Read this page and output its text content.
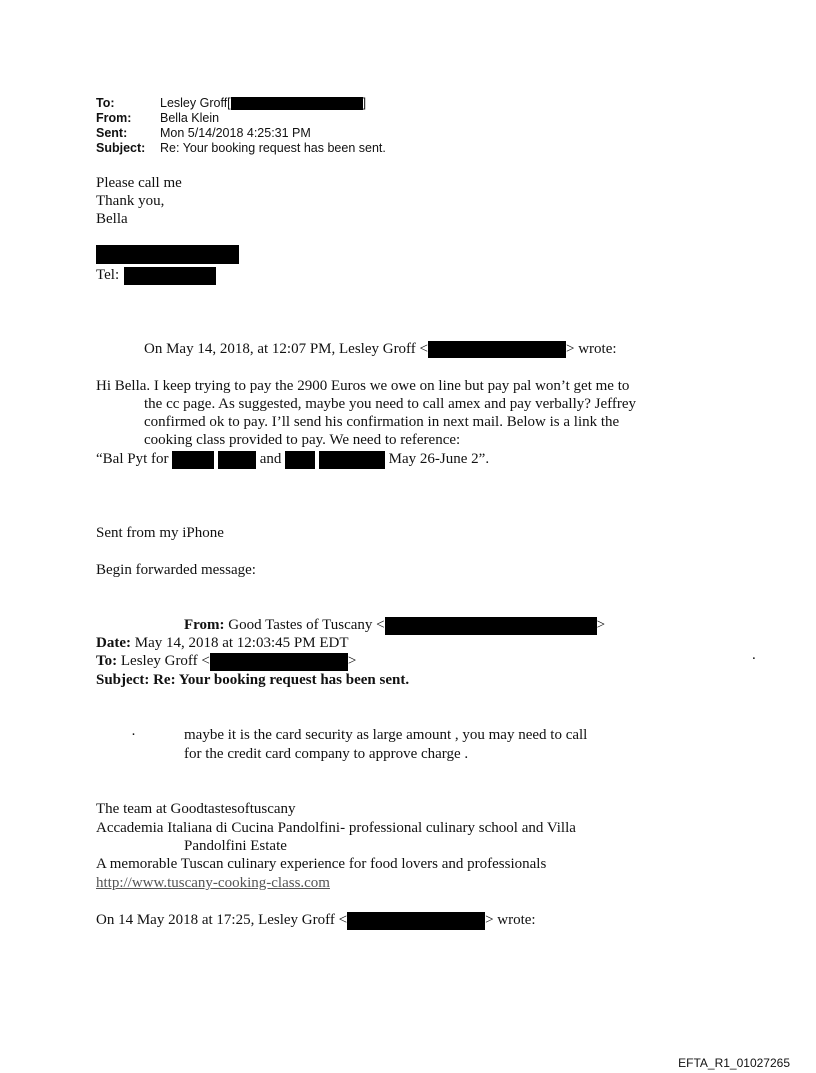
To:	Lesley Groff[	]
From: Bella Klein
Sent:	Mon 5/14/2018 4:25:31 PM
Subject: Re: Your booking request has been sent.
Please call me
Thank you,
Bella
Tel:
On May 14, 2018, at 12:07 PM, Lesley Groff <	> wrote:
Hi Bella. I keep trying to pay the 2900 Euros we owe on line but pay pal won’t get me to
the cc page. As suggested, maybe you need to call amex and pay verbally? Jeffrey
confirmed ok to pay. I’ll send his confirmation in next mail. Below is a link the
cooking class provided to pay. We need to reference:
“Bal Pyt for	and	May 26-June 2”.
Sent from my iPhone
Begin forwarded message:
From: Good Tastes of Tuscany <	>
Date: May 14, 2018 at 12:03:45 PM EDT
To: Lesley Groff <	>
Subject: Re: Your booking request has been sent.
.
·	maybe it is the card security as large amount , you may need to call
for the credit card company to approve charge .
The team at Goodtastesoftuscany
Accademia Italiana di Cucina Pandolfini- professional culinary school and Villa
Pandolfini Estate
A memorable Tuscan culinary experience for food lovers and professionals
http://www.tuscany-cooking-class.com
On 14 May 2018 at 17:25, Lesley Groff <	> wrote:
EFTA_R1_01027265
